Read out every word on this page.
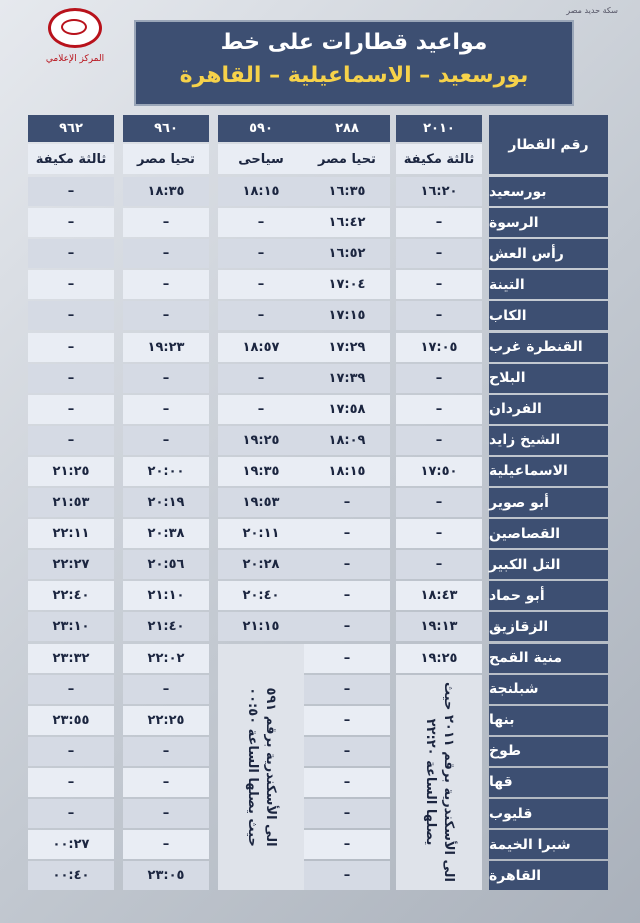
سكة حديد مصر
المركز الإعلامي
مواعيد قطارات على خط
بورسعيد – الاسماعيلية – القاهرة
رقم القطار
٢٠١٠
ثالثة مكيفة
٢٨٨
تحيا مصر
٥٩٠
سياحى
٩٦٠
تحيا مصر
٩٦٢
ثالثة مكيفة
بورسعيد
١٦:٢٠
١٦:٣٥
١٨:١٥
١٨:٣٥
–
الرسوة
–
١٦:٤٢
–
–
–
رأس العش
–
١٦:٥٢
–
–
–
التينة
–
١٧:٠٤
–
–
–
الكاب
–
١٧:١٥
–
–
–
القنطرة غرب
١٧:٠٥
١٧:٢٩
١٨:٥٧
١٩:٢٣
–
البلاح
–
١٧:٣٩
–
–
–
الفردان
–
١٧:٥٨
–
–
–
الشيخ زايد
–
١٨:٠٩
١٩:٢٥
–
–
الاسماعيلية
١٧:٥٠
١٨:١٥
١٩:٣٥
٢٠:٠٠
٢١:٢٥
أبو صوير
–
–
١٩:٥٣
٢٠:١٩
٢١:٥٣
القصاصين
–
–
٢٠:١١
٢٠:٣٨
٢٢:١١
التل الكبير
–
–
٢٠:٢٨
٢٠:٥٦
٢٢:٢٧
أبو حماد
١٨:٤٣
–
٢٠:٤٠
٢١:١٠
٢٢:٤٠
الزقازيق
١٩:١٣
–
٢١:١٥
٢١:٤٠
٢٣:١٠
منية القمح
١٩:٢٥
–
٢٢:٠٢
٢٣:٣٢
شبلنجة
–
–
–
بنها
–
٢٢:٢٥
٢٣:٥٥
طوخ
–
–
–
قها
–
–
–
قليوب
–
–
–
شبرا الخيمة
–
–
٠٠:٢٧
القاهرة
–
٢٣:٠٥
٠٠:٤٠	الى الأسكندرية برقم ٢٠١١ حيث
يصلها الساعة ٢٢:٢٠
الى الأسكندرية برقم ٥٩١
حيث يصلها الساعة ٠٠:٥٠
